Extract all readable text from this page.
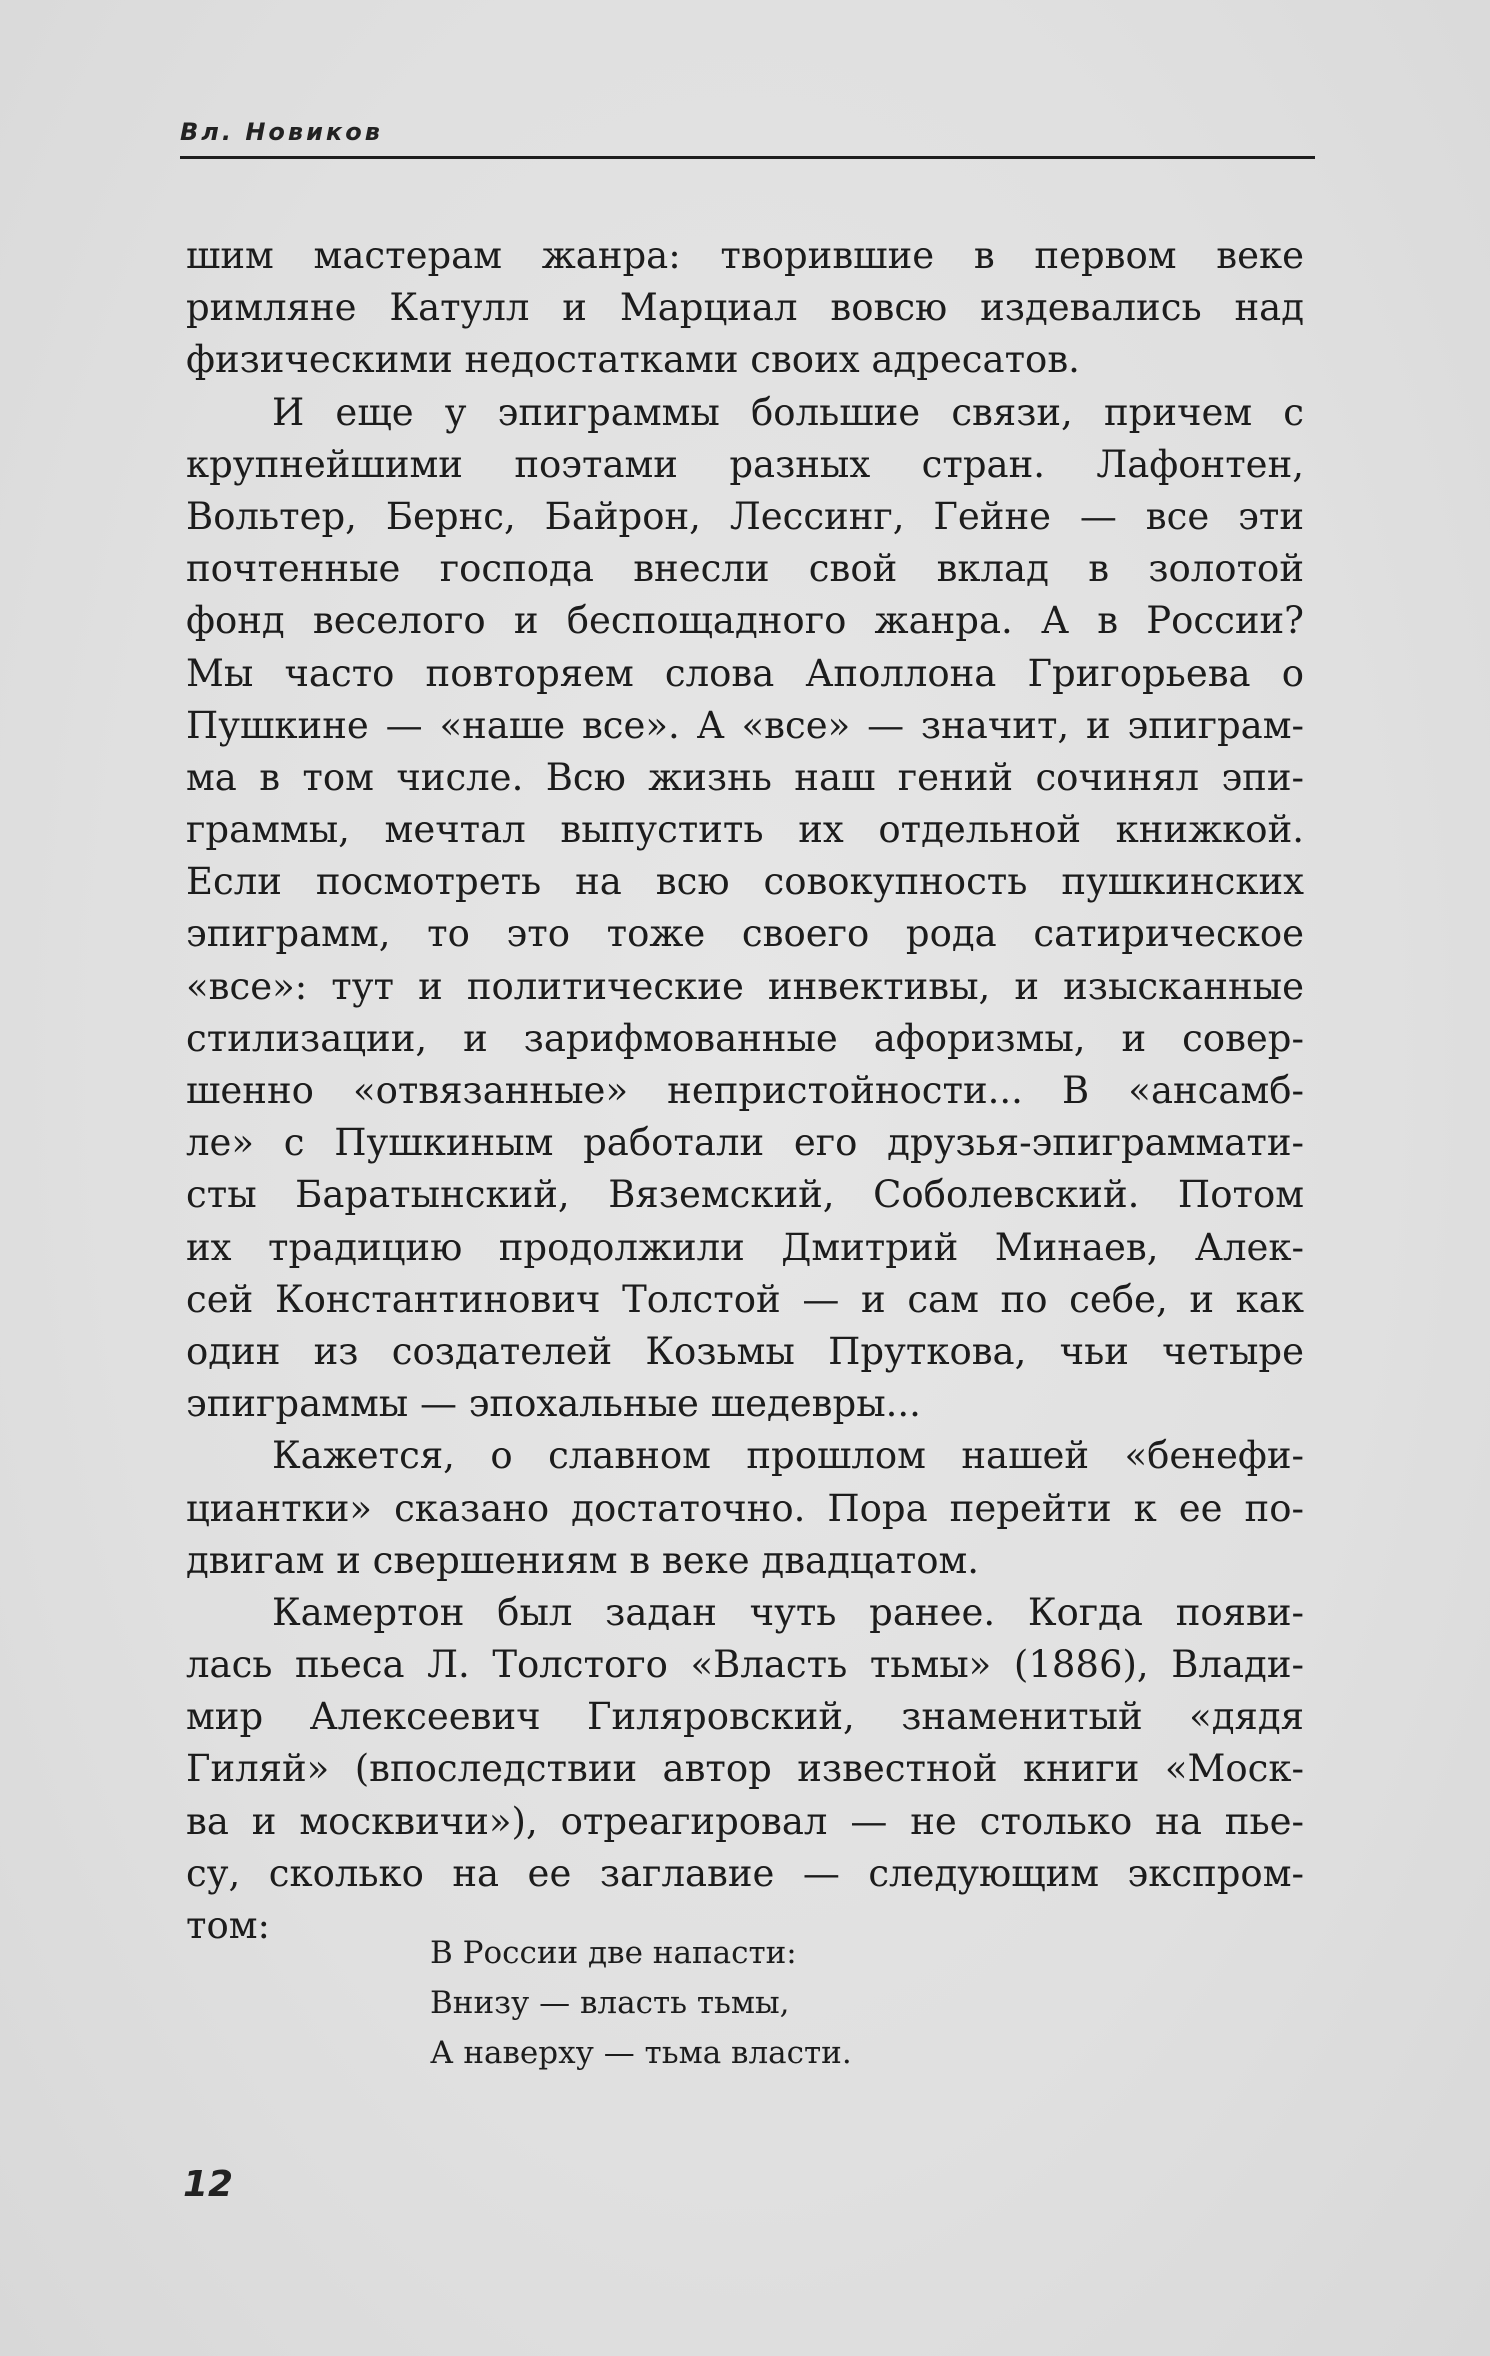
Вл. Новиков
шим мастерам жанра: творившие в первом веке
римляне Катулл и Марциал вовсю издевались над
физическими недостатками своих адресатов.
И еще у эпиграммы большие связи, причем с
крупнейшими поэтами разных стран. Лафонтен,
Вольтер, Бернс, Байрон, Лессинг, Гейне — все эти
почтенные господа внесли свой вклад в золотой
фонд веселого и беспощадного жанра. А в России?
Мы часто повторяем слова Аполлона Григорьева о
Пушкине — «наше все». А «все» — значит, и эпиграм-
ма в том числе. Всю жизнь наш гений сочинял эпи-
граммы, мечтал выпустить их отдельной книжкой.
Если посмотреть на всю совокупность пушкинских
эпиграмм, то это тоже своего рода сатирическое
«все»: тут и политические инвективы, и изысканные
стилизации, и зарифмованные афоризмы, и совер-
шенно «отвязанные» непристойности... В «ансамб-
ле» с Пушкиным работали его друзья-эпиграммати-
сты Баратынский, Вяземский, Соболевский. Потом
их традицию продолжили Дмитрий Минаев, Алек-
сей Константинович Толстой — и сам по себе, и как
один из создателей Козьмы Пруткова, чьи четыре
эпиграммы — эпохальные шедевры...
Кажется, о славном прошлом нашей «бенефи-
циантки» сказано достаточно. Пора перейти к ее по-
двигам и свершениям в веке двадцатом.
Камертон был задан чуть ранее. Когда появи-
лась пьеса Л. Толстого «Власть тьмы» (1886), Влади-
мир Алексеевич Гиляровский, знаменитый «дядя
Гиляй» (впоследствии автор известной книги «Моск-
ва и москвичи»), отреагировал — не столько на пье-
су, сколько на ее заглавие — следующим экспром-
том:
В России две напасти:
Внизу — власть тьмы,
А наверху — тьма власти.
12
